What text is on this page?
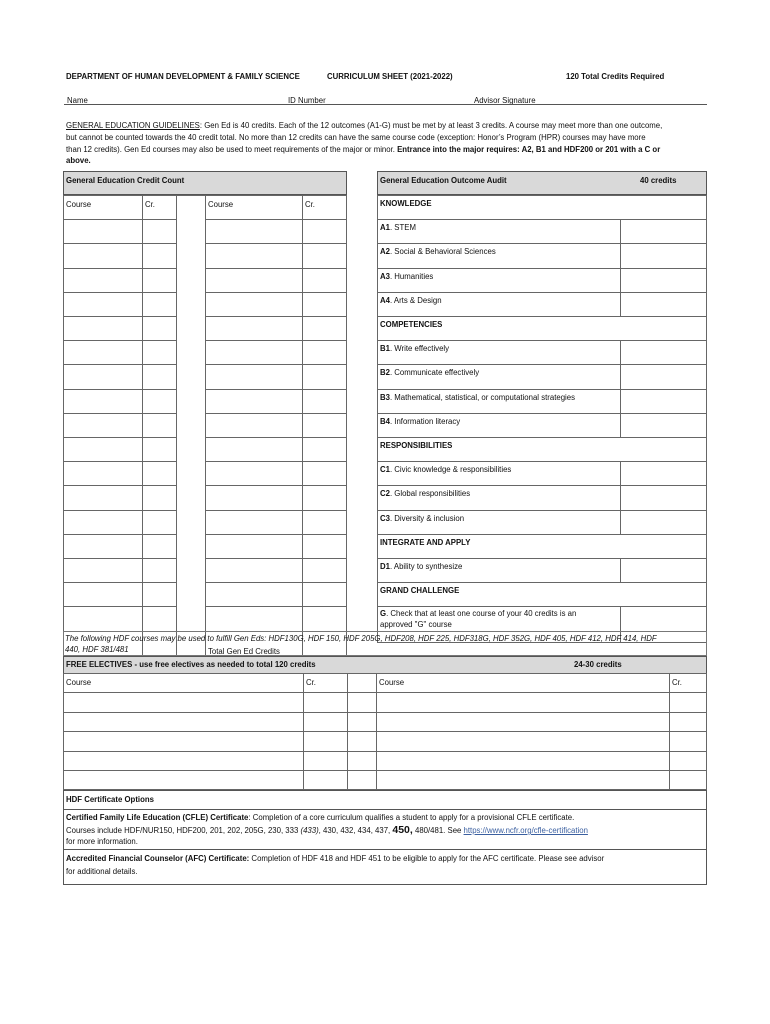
DEPARTMENT OF HUMAN DEVELOPMENT & FAMILY SCIENCE	CURRICULUM SHEET (2021-2022)	120 Total Credits Required
Name	ID Number	Advisor Signature
GENERAL EDUCATION GUIDELINES: Gen Ed is 40 credits. Each of the 12 outcomes (A1-G) must be met by at least 3 credits. A course may meet more than one outcome,
but cannot be counted towards the 40 credit total. No more than 12 credits can have the same course code (exception: Honor’s Program (HPR) courses may have more
than 12 credits). Gen Ed courses may also be used to meet requirements of the major or minor. Entrance into the major requires: A2, B1 and HDF200 or 201 with a C or
above.
General Education Credit Count
Course	Cr.	Course	Cr.
Total Gen Ed Credits
General Education Outcome Audit	40 credits
KNOWLEDGE
A1. STEM
A2. Social & Behavioral Sciences
A3. Humanities
A4. Arts & Design
COMPETENCIES
B1. Write effectively
B2. Communicate effectively
B3. Mathematical, statistical, or computational strategies
B4. Information literacy
RESPONSIBILITIES
C1. Civic knowledge & responsibilities
C2. Global responsibilities
C3. Diversity & inclusion
INTEGRATE AND APPLY
D1. Ability to synthesize
GRAND CHALLENGE
G. Check that at least one course of your 40 credits is an
approved "G" course
The following HDF courses may be used to fulfill Gen Eds: HDF130G, HDF 150, HDF 205G, HDF208, HDF 225, HDF318G, HDF 352G, HDF 405, HDF 412, HDF 414, HDF
440, HDF 381/481
FREE ELECTIVES - use free electives as needed to total 120 credits	24-30 credits
Course	Cr.	Course	Cr.
HDF Certificate Options
Certified Family Life Education (CFLE) Certificate: Completion of a core curriculum qualifies a student to apply for a provisional CFLE certificate.
Courses include HDF/NUR150, HDF200, 201, 202, 205G, 230, 333 (433), 430, 432, 434, 437, 450, 480/481. See https://www.ncfr.org/cfle-certification
for more information.
Accredited Financial Counselor (AFC) Certificate: Completion of HDF 418 and HDF 451 to be eligible to apply for the AFC certificate. Please see advisor
for additional details.
